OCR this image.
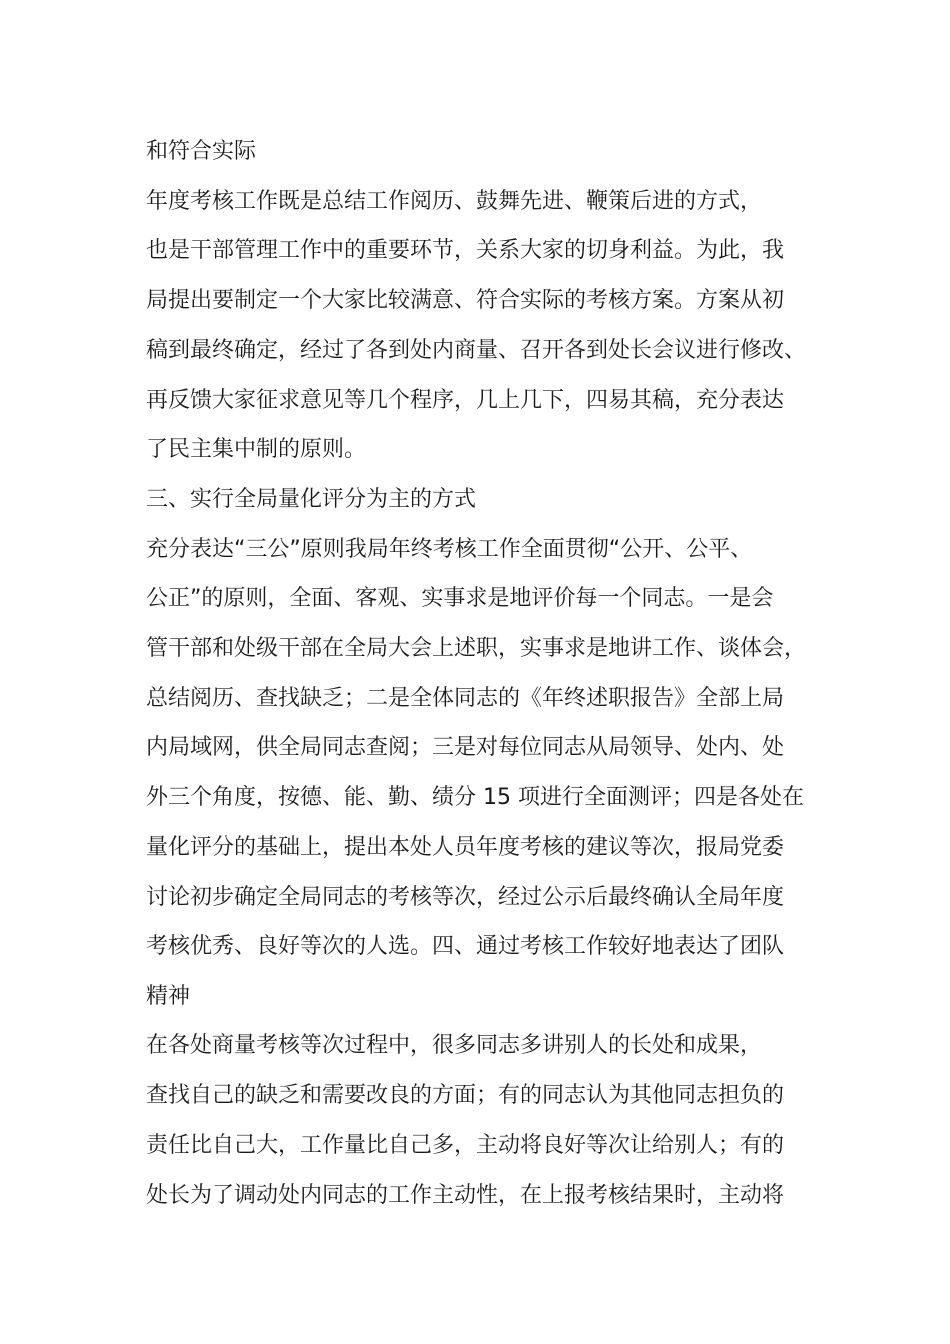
和符合实际
年度考核工作既是总结工作阅历、鼓舞先进、鞭策后进的方式，
也是干部管理工作中的重要环节，关系大家的切身利益。为此，我
局提出要制定一个大家比较满意、符合实际的考核方案。方案从初
稿到最终确定，经过了各到处内商量、召开各到处长会议进行修改、
再反馈大家征求意见等几个程序，几上几下，四易其稿，充分表达
了民主集中制的原则。
三、实行全局量化评分为主的方式
充分表达“三公”原则我局年终考核工作全面贯彻“公开、公平、
公正”的原则，全面、客观、实事求是地评价每一个同志。一是会
管干部和处级干部在全局大会上述职，实事求是地讲工作、谈体会，
总结阅历、查找缺乏；二是全体同志的《年终述职报告》全部上局
内局域网，供全局同志查阅；三是对每位同志从局领导、处内、处
外三个角度，按德、能、勤、绩分 15 项进行全面测评；四是各处在
量化评分的基础上，提出本处人员年度考核的建议等次，报局党委
讨论初步确定全局同志的考核等次，经过公示后最终确认全局年度
考核优秀、良好等次的人选。四、通过考核工作较好地表达了团队
精神
在各处商量考核等次过程中，很多同志多讲别人的长处和成果，
查找自己的缺乏和需要改良的方面；有的同志认为其他同志担负的
责任比自己大，工作量比自己多，主动将良好等次让给别人；有的
处长为了调动处内同志的工作主动性，在上报考核结果时，主动将
